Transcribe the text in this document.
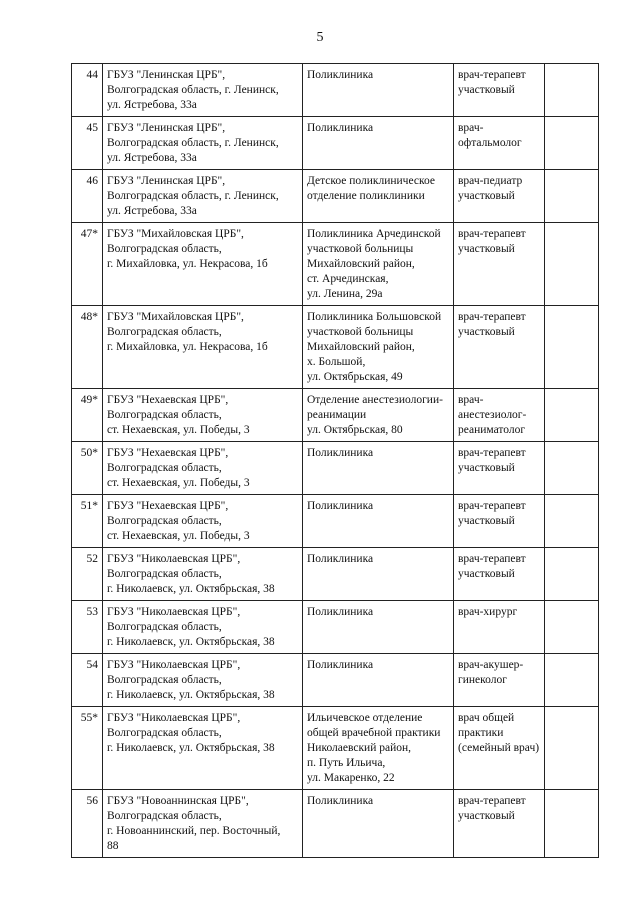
5
44	ГБУЗ "Ленинская ЦРБ",
Волгоградская область, г. Ленинск,
ул. Ястребова, 33а	Поликлиника	врач-терапевт
участковый	
45	ГБУЗ "Ленинская ЦРБ",
Волгоградская область, г. Ленинск,
ул. Ястребова, 33а	Поликлиника	врач-
офтальмолог	
46	ГБУЗ "Ленинская ЦРБ",
Волгоградская область, г. Ленинск,
ул. Ястребова, 33а	Детское поликлиническое
отделение поликлиники	врач-педиатр
участковый	
47*	ГБУЗ "Михайловская ЦРБ",
Волгоградская область,
г. Михайловка, ул. Некрасова, 1б	Поликлиника Арчединской
участковой больницы
Михайловский район,
ст. Арчединская,
ул. Ленина, 29а	врач-терапевт
участковый	
48*	ГБУЗ "Михайловская ЦРБ",
Волгоградская область,
г. Михайловка, ул. Некрасова, 1б	Поликлиника Большовской
участковой больницы
Михайловский район,
х. Большой,
ул. Октябрьская, 49	врач-терапевт
участковый	
49*	ГБУЗ "Нехаевская ЦРБ",
Волгоградская область,
ст. Нехаевская, ул. Победы, 3	Отделение анестезиологии-
реанимации
ул. Октябрьская, 80	врач-
анестезиолог-
реаниматолог	
50*	ГБУЗ "Нехаевская ЦРБ",
Волгоградская область,
ст. Нехаевская, ул. Победы, 3	Поликлиника	врач-терапевт
участковый	
51*	ГБУЗ "Нехаевская ЦРБ",
Волгоградская область,
ст. Нехаевская, ул. Победы, 3	Поликлиника	врач-терапевт
участковый	
52	ГБУЗ "Николаевская ЦРБ",
Волгоградская область,
г. Николаевск, ул. Октябрьская, 38	Поликлиника	врач-терапевт
участковый	
53	ГБУЗ "Николаевская ЦРБ",
Волгоградская область,
г. Николаевск, ул. Октябрьская, 38	Поликлиника	врач-хирург	
54	ГБУЗ "Николаевская ЦРБ",
Волгоградская область,
г. Николаевск, ул. Октябрьская, 38	Поликлиника	врач-акушер-
гинеколог	
55*	ГБУЗ "Николаевская ЦРБ",
Волгоградская область,
г. Николаевск, ул. Октябрьская, 38	Ильичевское отделение
общей врачебной практики
Николаевский район,
п. Путь Ильича,
ул. Макаренко, 22	врач общей
практики
(семейный врач)	
56	ГБУЗ "Новоаннинская ЦРБ",
Волгоградская область,
г. Новоаннинский, пер. Восточный,
88	Поликлиника	врач-терапевт
участковый	
